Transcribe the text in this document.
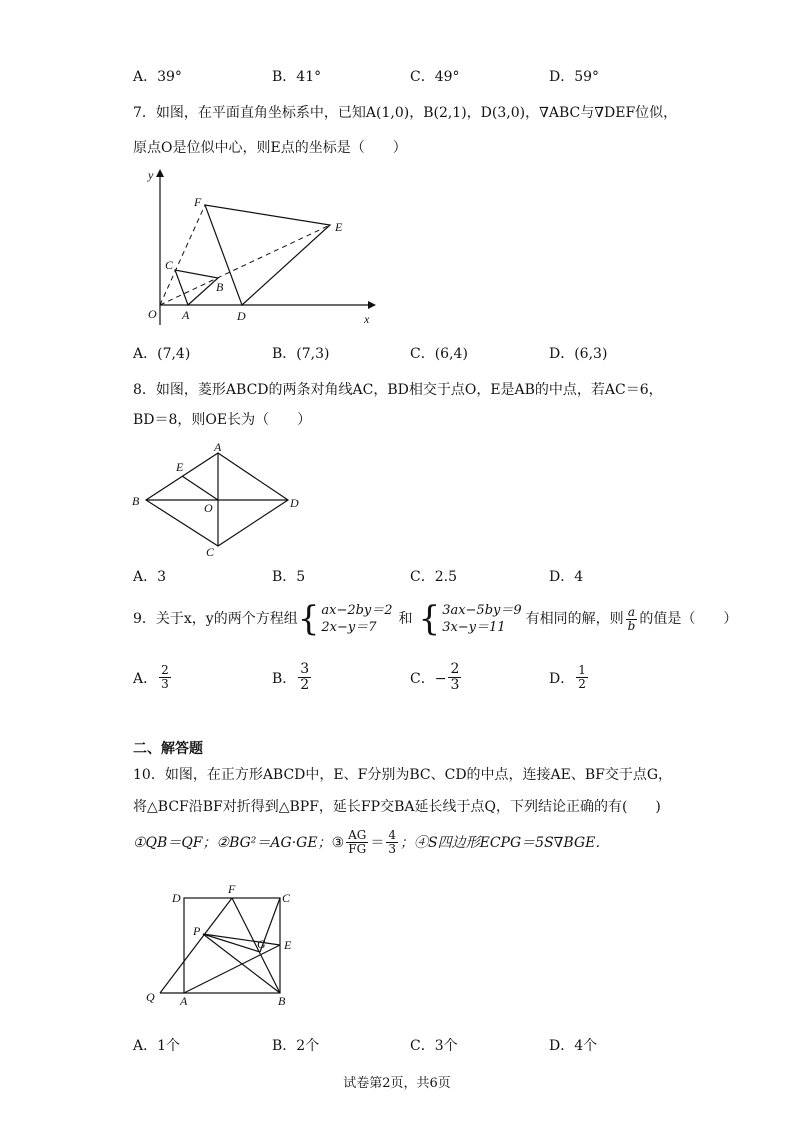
A．39°	B．41°	C．49°	D．59°
7．如图，在平面直角坐标系中，已知A(1,0)，B(2,1)，D(3,0)，∇ABC与∇DEF位似，
原点O是位似中心，则E点的坐标是（　　）
y
x
O A
B
C
D
E
F
A．(7,4)	B．(7,3)	C．(6,4)	D．(6,3)
8．如图，菱形ABCD的两条对角线AC，BD相交于点O，E是AB的中点，若AC＝6，
BD＝8，则OE长为（　　）
A
B
C
D
E
O
A．3	B．5	C．2.5	D．4
9．关于x，y的两个方程组 { ax−2by＝2
2x−y＝7
和 { 3ax−5by＝9
3x−y＝11
有相同的解，则 $\frac{a}{b}$ 的值是（　　）
A． $\frac{2}{3}$	B． $\frac{3}{2}$	C．− $\frac{2}{3}$	D． $\frac{1}{2}$
二、解答题
10．如图，在正方形ABCD中，E、F分别为BC、CD的中点，连接AE、BF交于点G，
将△BCF沿BF对折得到△BPF，延长FP交BA延长线于点Q，下列结论正确的有(　　)
①QB＝QF； ②BG²＝AG·GE； ③ $\frac{AG}{FG} = \frac{4}{3}$ ；④S四边形ECPG＝5S∇BGE．
D
F
C
P
G E
Q A	B
A．1个	B．2个	C．3个	D．4个
试卷第2页，共6页
